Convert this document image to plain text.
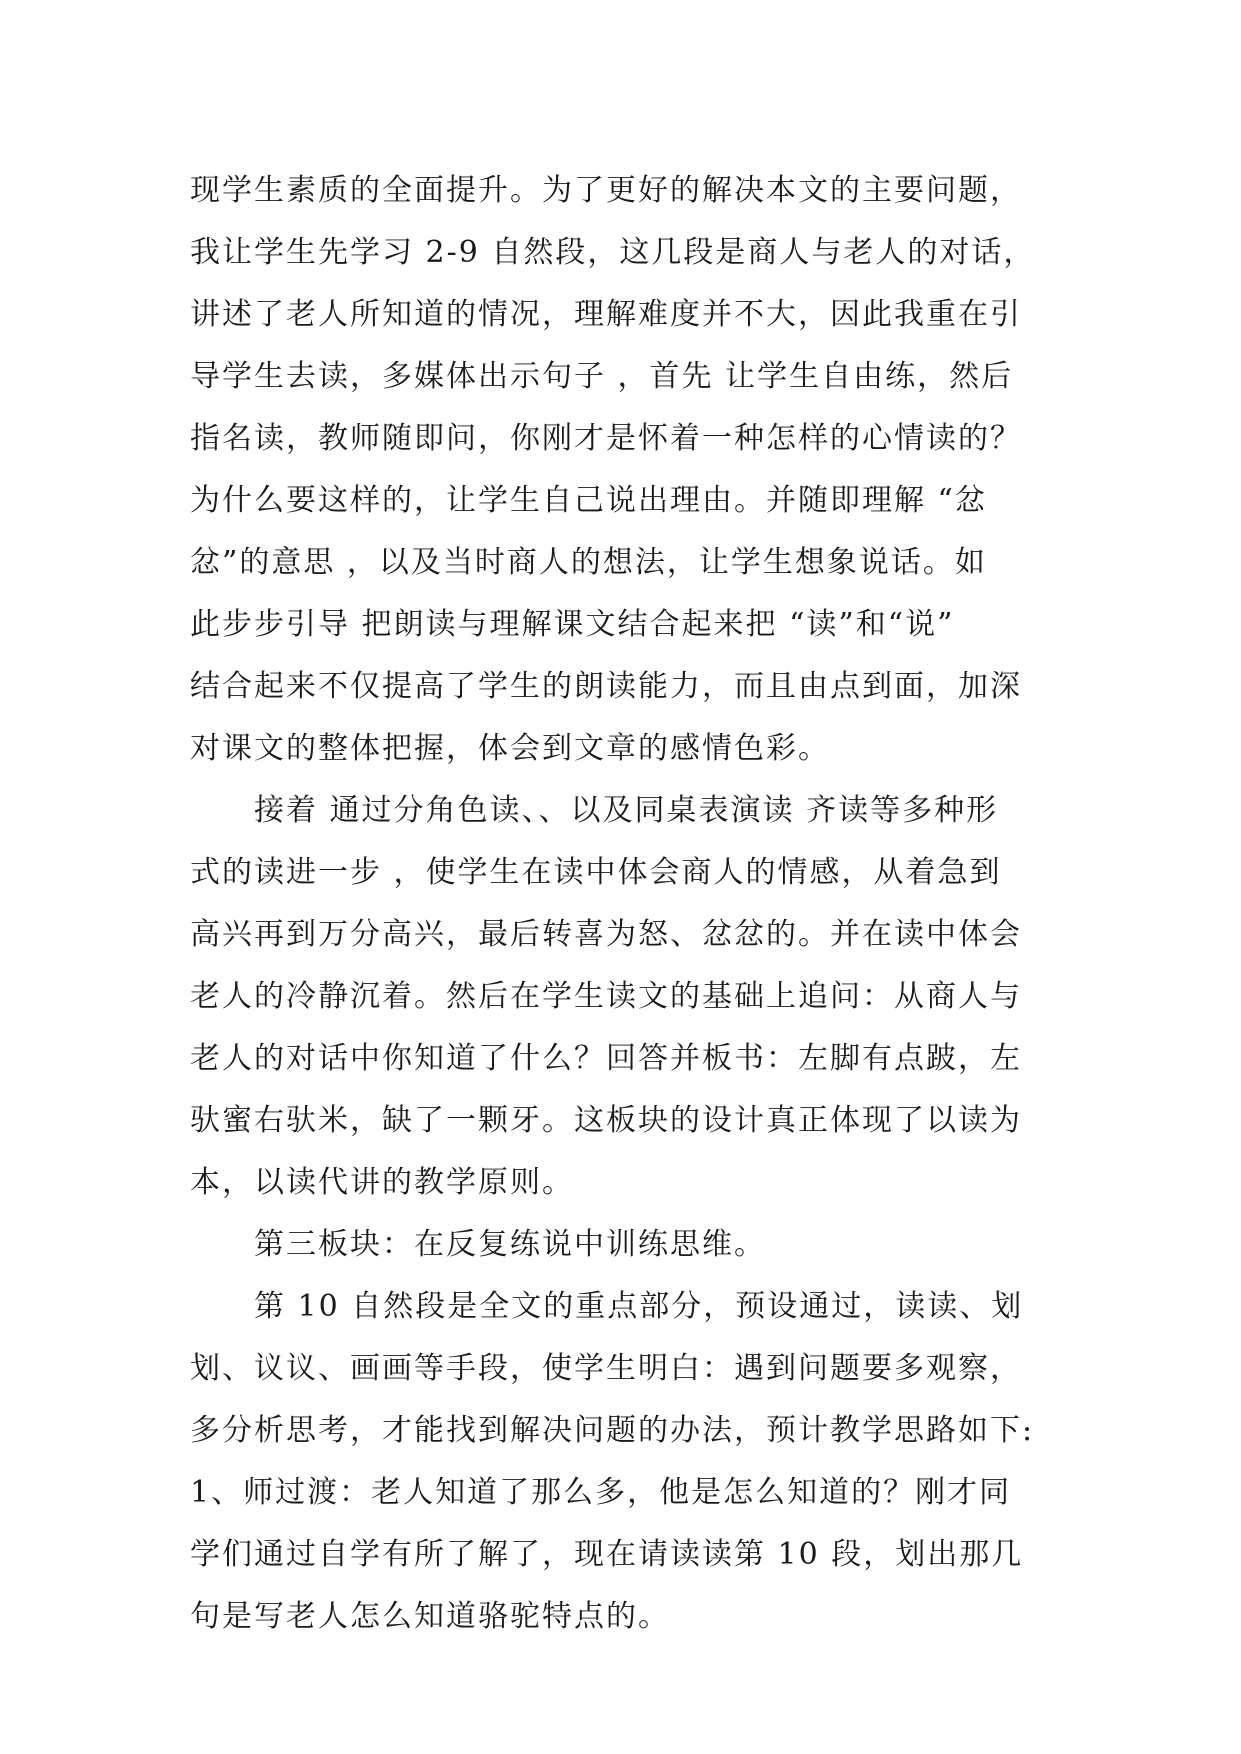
现学生素质的全面提升。为了更好的解决本文的主要问题，
我让学生先学习 2-9 自然段，这几段是商人与老人的对话，
讲述了老人所知道的情况，理解难度并不大，因此我重在引
导学生去读，多媒体出示句子 ，首先 让学生自由练，然后
指名读，教师随即问，你刚才是怀着一种怎样的心情读的？
为什么要这样的，让学生自己说出理由。并随即理解 “忿
忿”的意思 ，以及当时商人的想法，让学生想象说话。如
此步步引导 把朗读与理解课文结合起来把 “读”和“说”
结合起来不仅提高了学生的朗读能力，而且由点到面，加深
对课文的整体把握，体会到文章的感情色彩。
接着 通过分角色读、、以及同桌表演读 齐读等多种形
式的读进一步 ，使学生在读中体会商人的情感，从着急到
高兴再到万分高兴，最后转喜为怒、忿忿的。并在读中体会
老人的冷静沉着。然后在学生读文的基础上追问：从商人与
老人的对话中你知道了什么？回答并板书：左脚有点跛，左
驮蜜右驮米，缺了一颗牙。这板块的设计真正体现了以读为
本，以读代讲的教学原则。
第三板块：在反复练说中训练思维。
第 10 自然段是全文的重点部分，预设通过，读读、划
划、议议、画画等手段，使学生明白：遇到问题要多观察，
多分析思考，才能找到解决问题的办法，预计教学思路如下:
1、师过渡：老人知道了那么多，他是怎么知道的？刚才同
学们通过自学有所了解了，现在请读读第 10 段，划出那几
句是写老人怎么知道骆驼特点的。
